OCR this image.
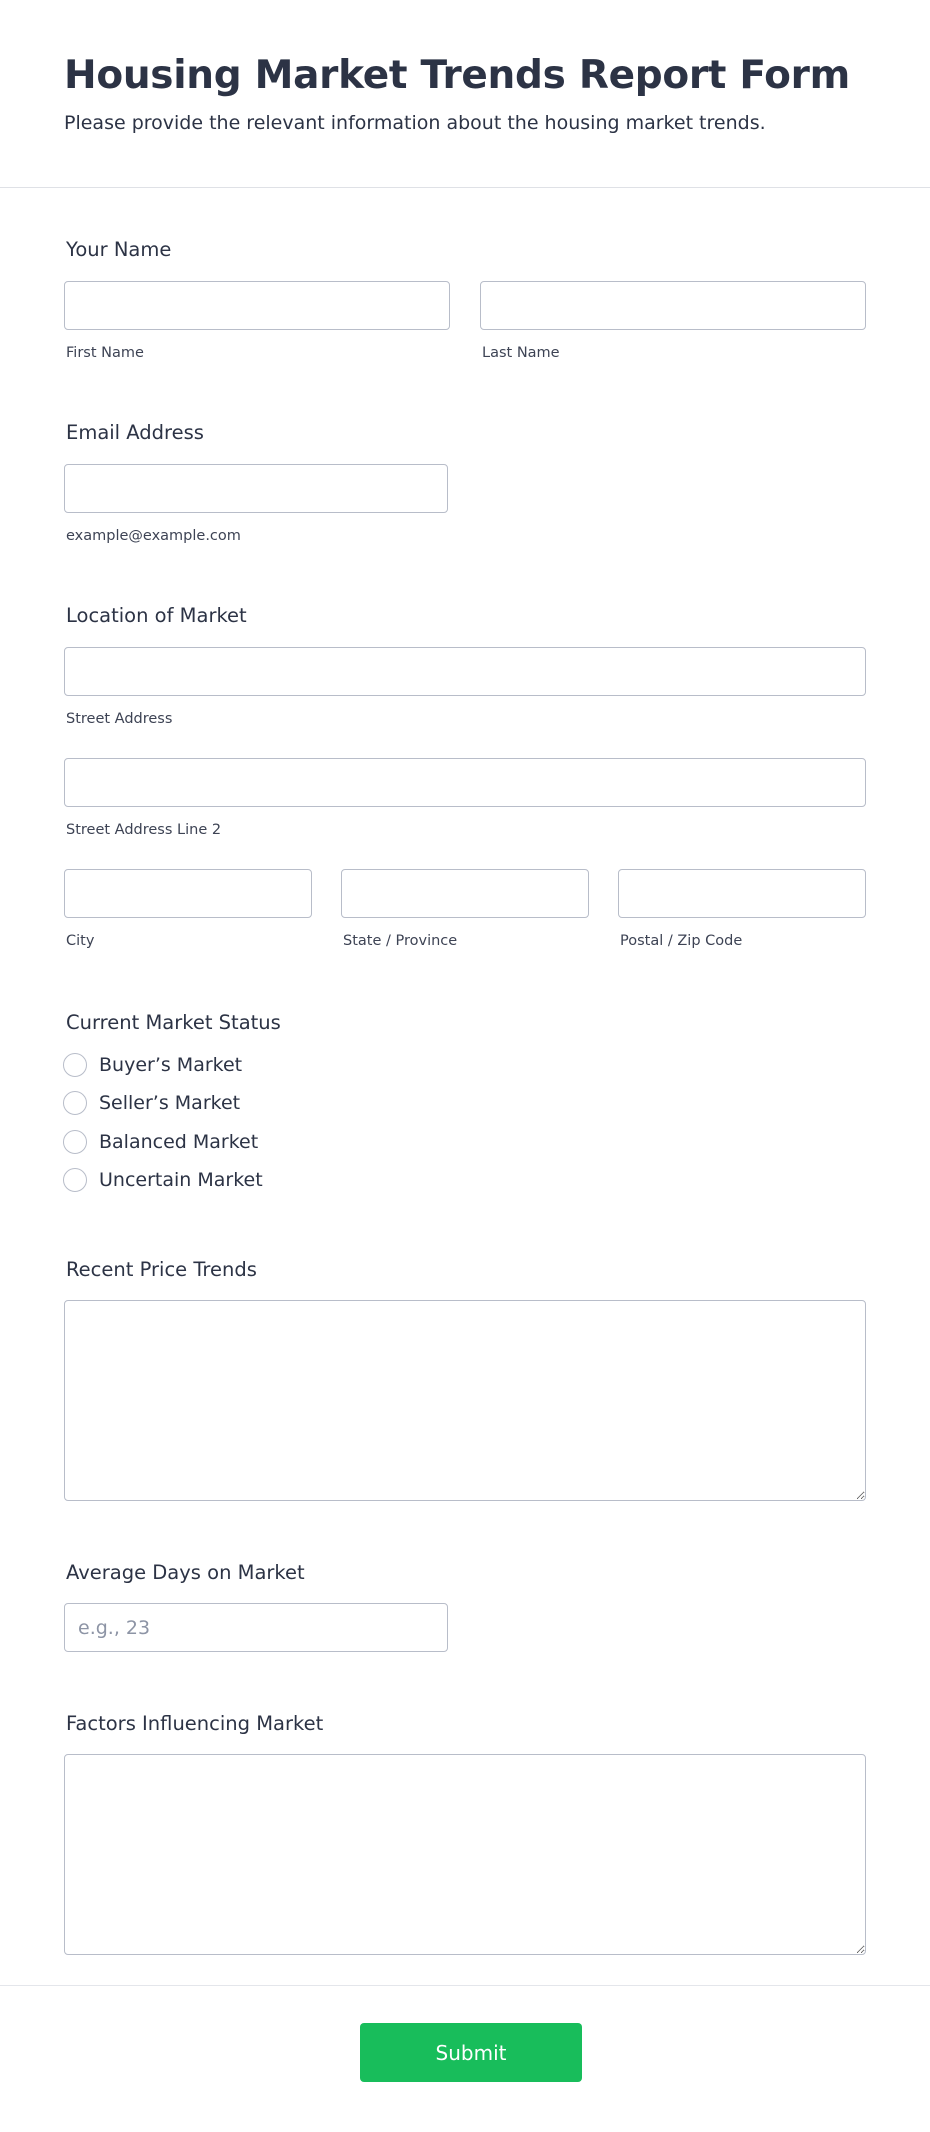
Housing Market Trends Report Form

Please provide the relevant information about the housing market trends.

Your Name
First Name	Last Name
Email Address
example@example.com
Location of Market
Street Address
Street Address Line 2
City	State / Province	Postal / Zip Code
Current Market Status
Buyer’s Market
Seller’s Market
Balanced Market
Uncertain Market
Recent Price Trends
Average Days on Market
e.g., 23
Factors Influencing Market
Submit
